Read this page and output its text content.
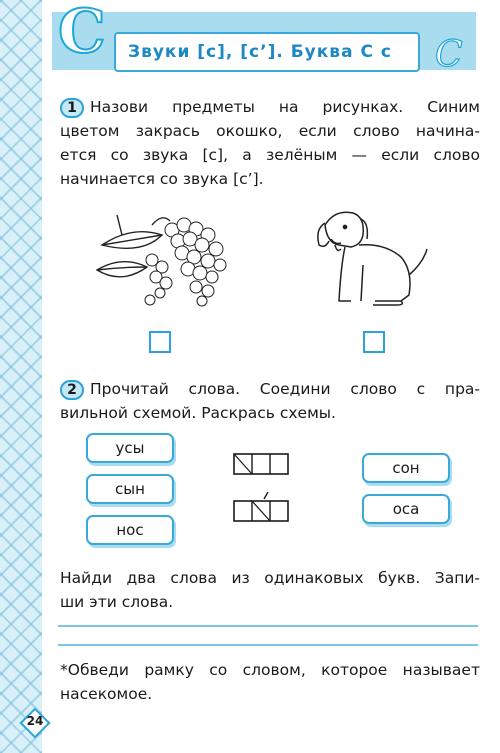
С Звуки [с], [с’]. Буква С с С
1 Назови предметы на рисунках. Синим
цветом закрась окошко, если слово начина-
ется со звука [с], а зелёным — если слово
начинается со звука [с’].
2 Прочитай слова. Соедини слово с пра-
вильной схемой. Раскрась схемы.
усы
сын
нос
сон
оса
Найди два слова из одинаковых букв. Запи-
ши эти слова.
*Обведи рамку со словом, которое называет
насекомое.
24
